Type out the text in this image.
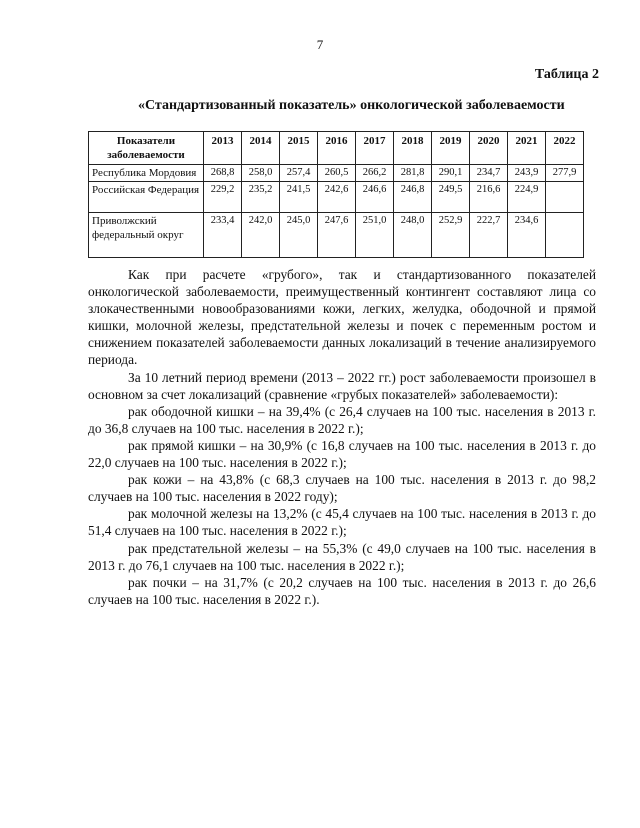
7
Таблица 2
«Стандартизованный показатель» онкологической заболеваемости
Показатели заболеваемости	2013	2014	2015	2016	2017	2018	2019	2020	2021	2022
Республика Мордовия	268,8	258,0	257,4	260,5	266,2	281,8	290,1	234,7	243,9	277,9
Российская Федерация	229,2	235,2	241,5	242,6	246,6	246,8	249,5	216,6	224,9	
Приволжский федеральный округ	233,4	242,0	245,0	247,6	251,0	248,0	252,9	222,7	234,6	

Как при расчете «грубого», так и стандартизованного показателей онкологической заболеваемости, преимущественный контингент составляют лица со злокачественными новообразованиями кожи, легких, желудка, ободочной и прямой кишки, молочной железы, предстательной железы и почек с переменным ростом и снижением показателей заболеваемости данных локализаций в течение анализируемого периода.

За 10 летний период времени (2013 – 2022 гг.) рост заболеваемости произошел в основном за счет локализаций (сравнение «грубых показателей» заболеваемости):

рак ободочной кишки – на 39,4% (с 26,4 случаев на 100 тыс. населения в 2013 г. до 36,8 случаев на 100 тыс. населения в 2022 г.);

рак прямой кишки – на 30,9% (с 16,8 случаев на 100 тыс. населения в 2013 г. до 22,0 случаев на 100 тыс. населения в 2022 г.);

рак кожи – на 43,8% (с 68,3 случаев на 100 тыс. населения в 2013 г. до 98,2 случаев на 100 тыс. населения в 2022 году);

рак молочной железы на 13,2% (с 45,4 случаев на 100 тыс. населения в 2013 г. до 51,4 случаев на 100 тыс. населения в 2022 г.);

рак предстательной железы – на 55,3% (с 49,0 случаев на 100 тыс. населения в 2013 г. до 76,1 случаев на 100 тыс. населения в 2022 г.);

рак почки – на 31,7% (с 20,2 случаев на 100 тыс. населения в 2013 г. до 26,6 случаев на 100 тыс. населения в 2022 г.).
